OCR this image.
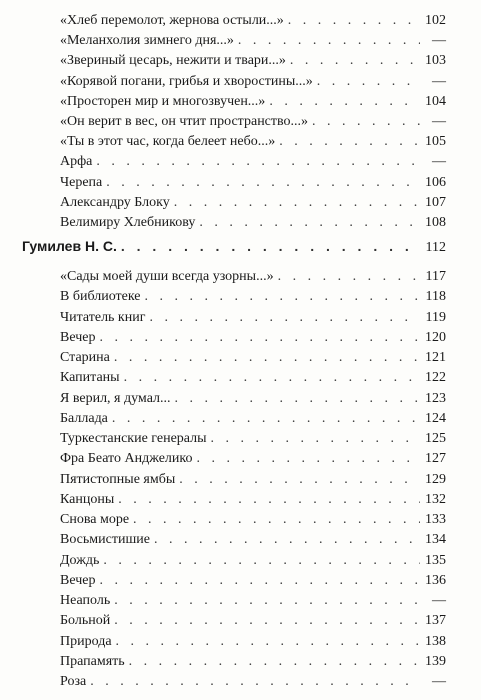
«Хлеб перемолот, жернова остыли...» . . .	102
«Меланхолия зимнего дня...» . . .	—
«Звериный цесарь, нежити и твари...» . . .	103
«Корявой погани, грибья и хворостины...» . . .	—
«Просторен мир и многозвучен...» . . .	104
«Он верит в вес, он чтит пространство...» . . .	—
«Ты в этот час, когда белеет небо...» . . .	105
Арфа . . .	—
Черепа . . .	106
Александру Блоку . . .	107
Велимиру Хлебникову . . .	108
Гумилев Н. С. . . .	112
«Сады моей души всегда узорны...» . . .	117
В библиотеке . . .	118
Читатель книг . . .	119
Вечер . . .	120
Старина . . .	121
Капитаны . . .	122
Я верил, я думал... . . .	123
Баллада . . .	124
Туркестанские генералы . . .	125
Фра Беато Анджелико . . .	127
Пятистопные ямбы . . .	129
Канцоны . . .	132
Снова море . . .	133
Восьмистишие . . .	134
Дождь . . .	135
Вечер . . .	136
Неаполь . . .	—
Больной . . .	137
Природа . . .	138
Прапамять . . .	139
Роза . . .	—
